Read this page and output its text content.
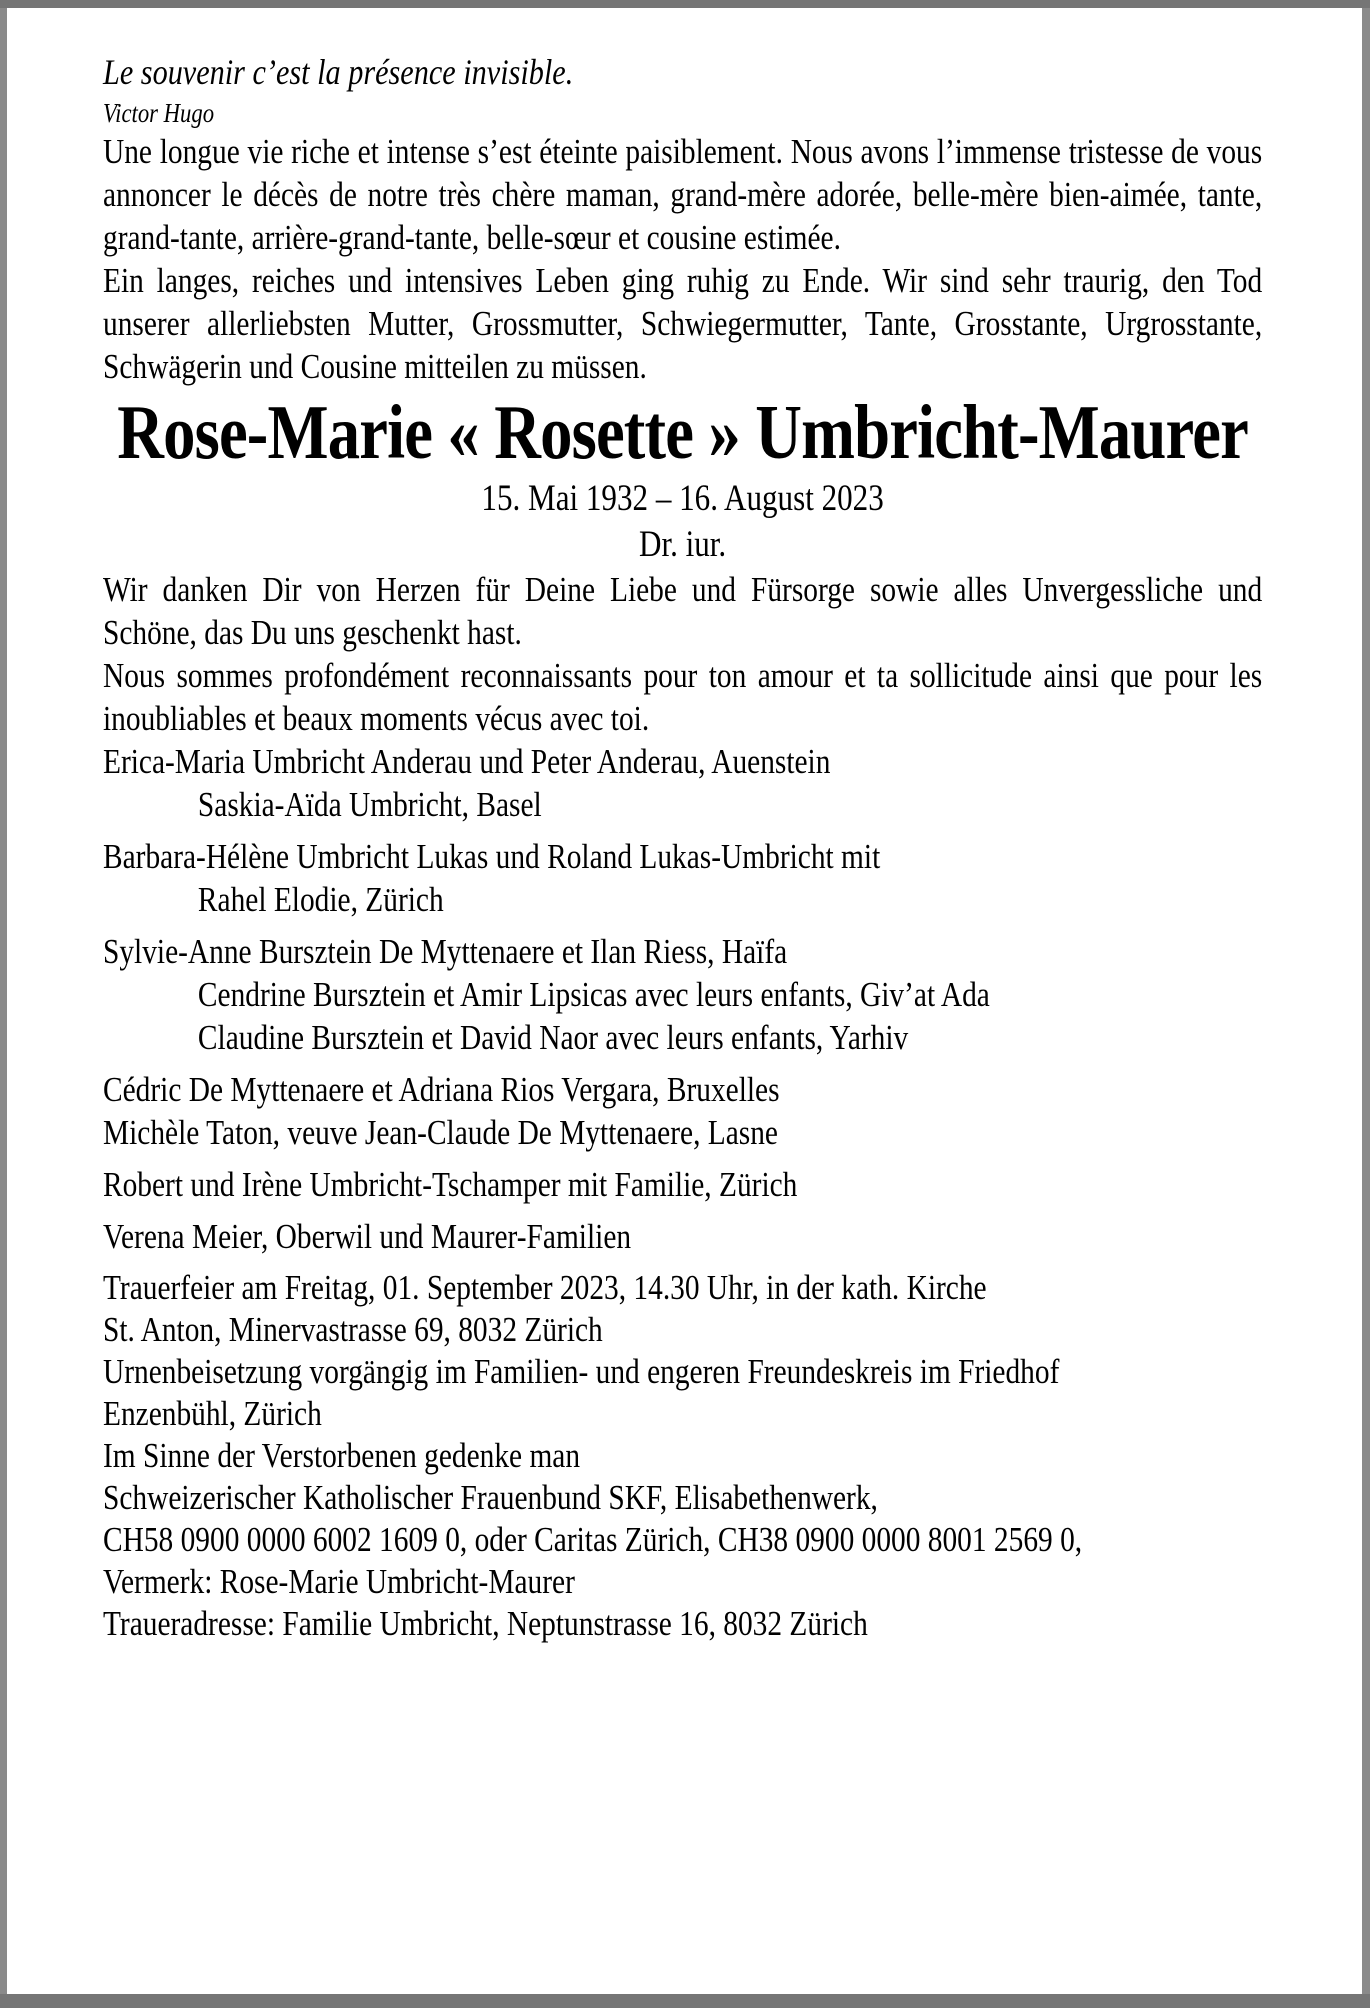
Le souvenir c’est la présence invisible.
Victor Hugo
Une longue vie riche et intense s’est éteinte paisiblement. Nous avons l’immense tristesse de vous annoncer le décès de notre très chère maman, grand-mère adorée, belle-mère bien-aimée, tante, grand-tante, arrière-grand-tante, belle-sœur et cousine estimée.
Ein langes, reiches und intensives Leben ging ruhig zu Ende. Wir sind sehr traurig, den Tod unserer allerliebsten Mutter, Grossmutter, Schwiegermutter, Tante, Grosstante, Urgrosstante, Schwägerin und Cousine mitteilen zu müssen.
Rose-Marie « Rosette » Umbricht-Maurer
15. Mai 1932 – 16. August 2023
Dr. iur.
Wir danken Dir von Herzen für Deine Liebe und Fürsorge sowie alles Unvergessliche und Schöne, das Du uns geschenkt hast.
Nous sommes profondément reconnaissants pour ton amour et ta sollicitude ainsi que pour les inoubliables et beaux moments vécus avec toi.
Erica-Maria Umbricht Anderau und Peter Anderau, Auenstein
Saskia-Aïda Umbricht, Basel
Barbara-Hélène Umbricht Lukas und Roland Lukas-Umbricht mit
Rahel Elodie, Zürich
Sylvie-Anne Bursztein De Myttenaere et Ilan Riess, Haïfa
Cendrine Bursztein et Amir Lipsicas avec leurs enfants, Giv’at Ada
Claudine Bursztein et David Naor avec leurs enfants, Yarhiv
Cédric De Myttenaere et Adriana Rios Vergara, Bruxelles
Michèle Taton, veuve Jean-Claude De Myttenaere, Lasne
Robert und Irène Umbricht-Tschamper mit Familie, Zürich
Verena Meier, Oberwil und Maurer-Familien
Trauerfeier am Freitag, 01. September 2023, 14.30 Uhr, in der kath. Kirche
St. Anton, Minervastrasse 69, 8032 Zürich
Urnenbeisetzung vorgängig im Familien- und engeren Freundeskreis im Friedhof
Enzenbühl, Zürich
Im Sinne der Verstorbenen gedenke man
Schweizerischer Katholischer Frauenbund SKF, Elisabethenwerk,
CH58 0900 0000 6002 1609 0, oder Caritas Zürich, CH38 0900 0000 8001 2569 0,
Vermerk: Rose-Marie Umbricht-Maurer
Traueradresse: Familie Umbricht, Neptunstrasse 16, 8032 Zürich
